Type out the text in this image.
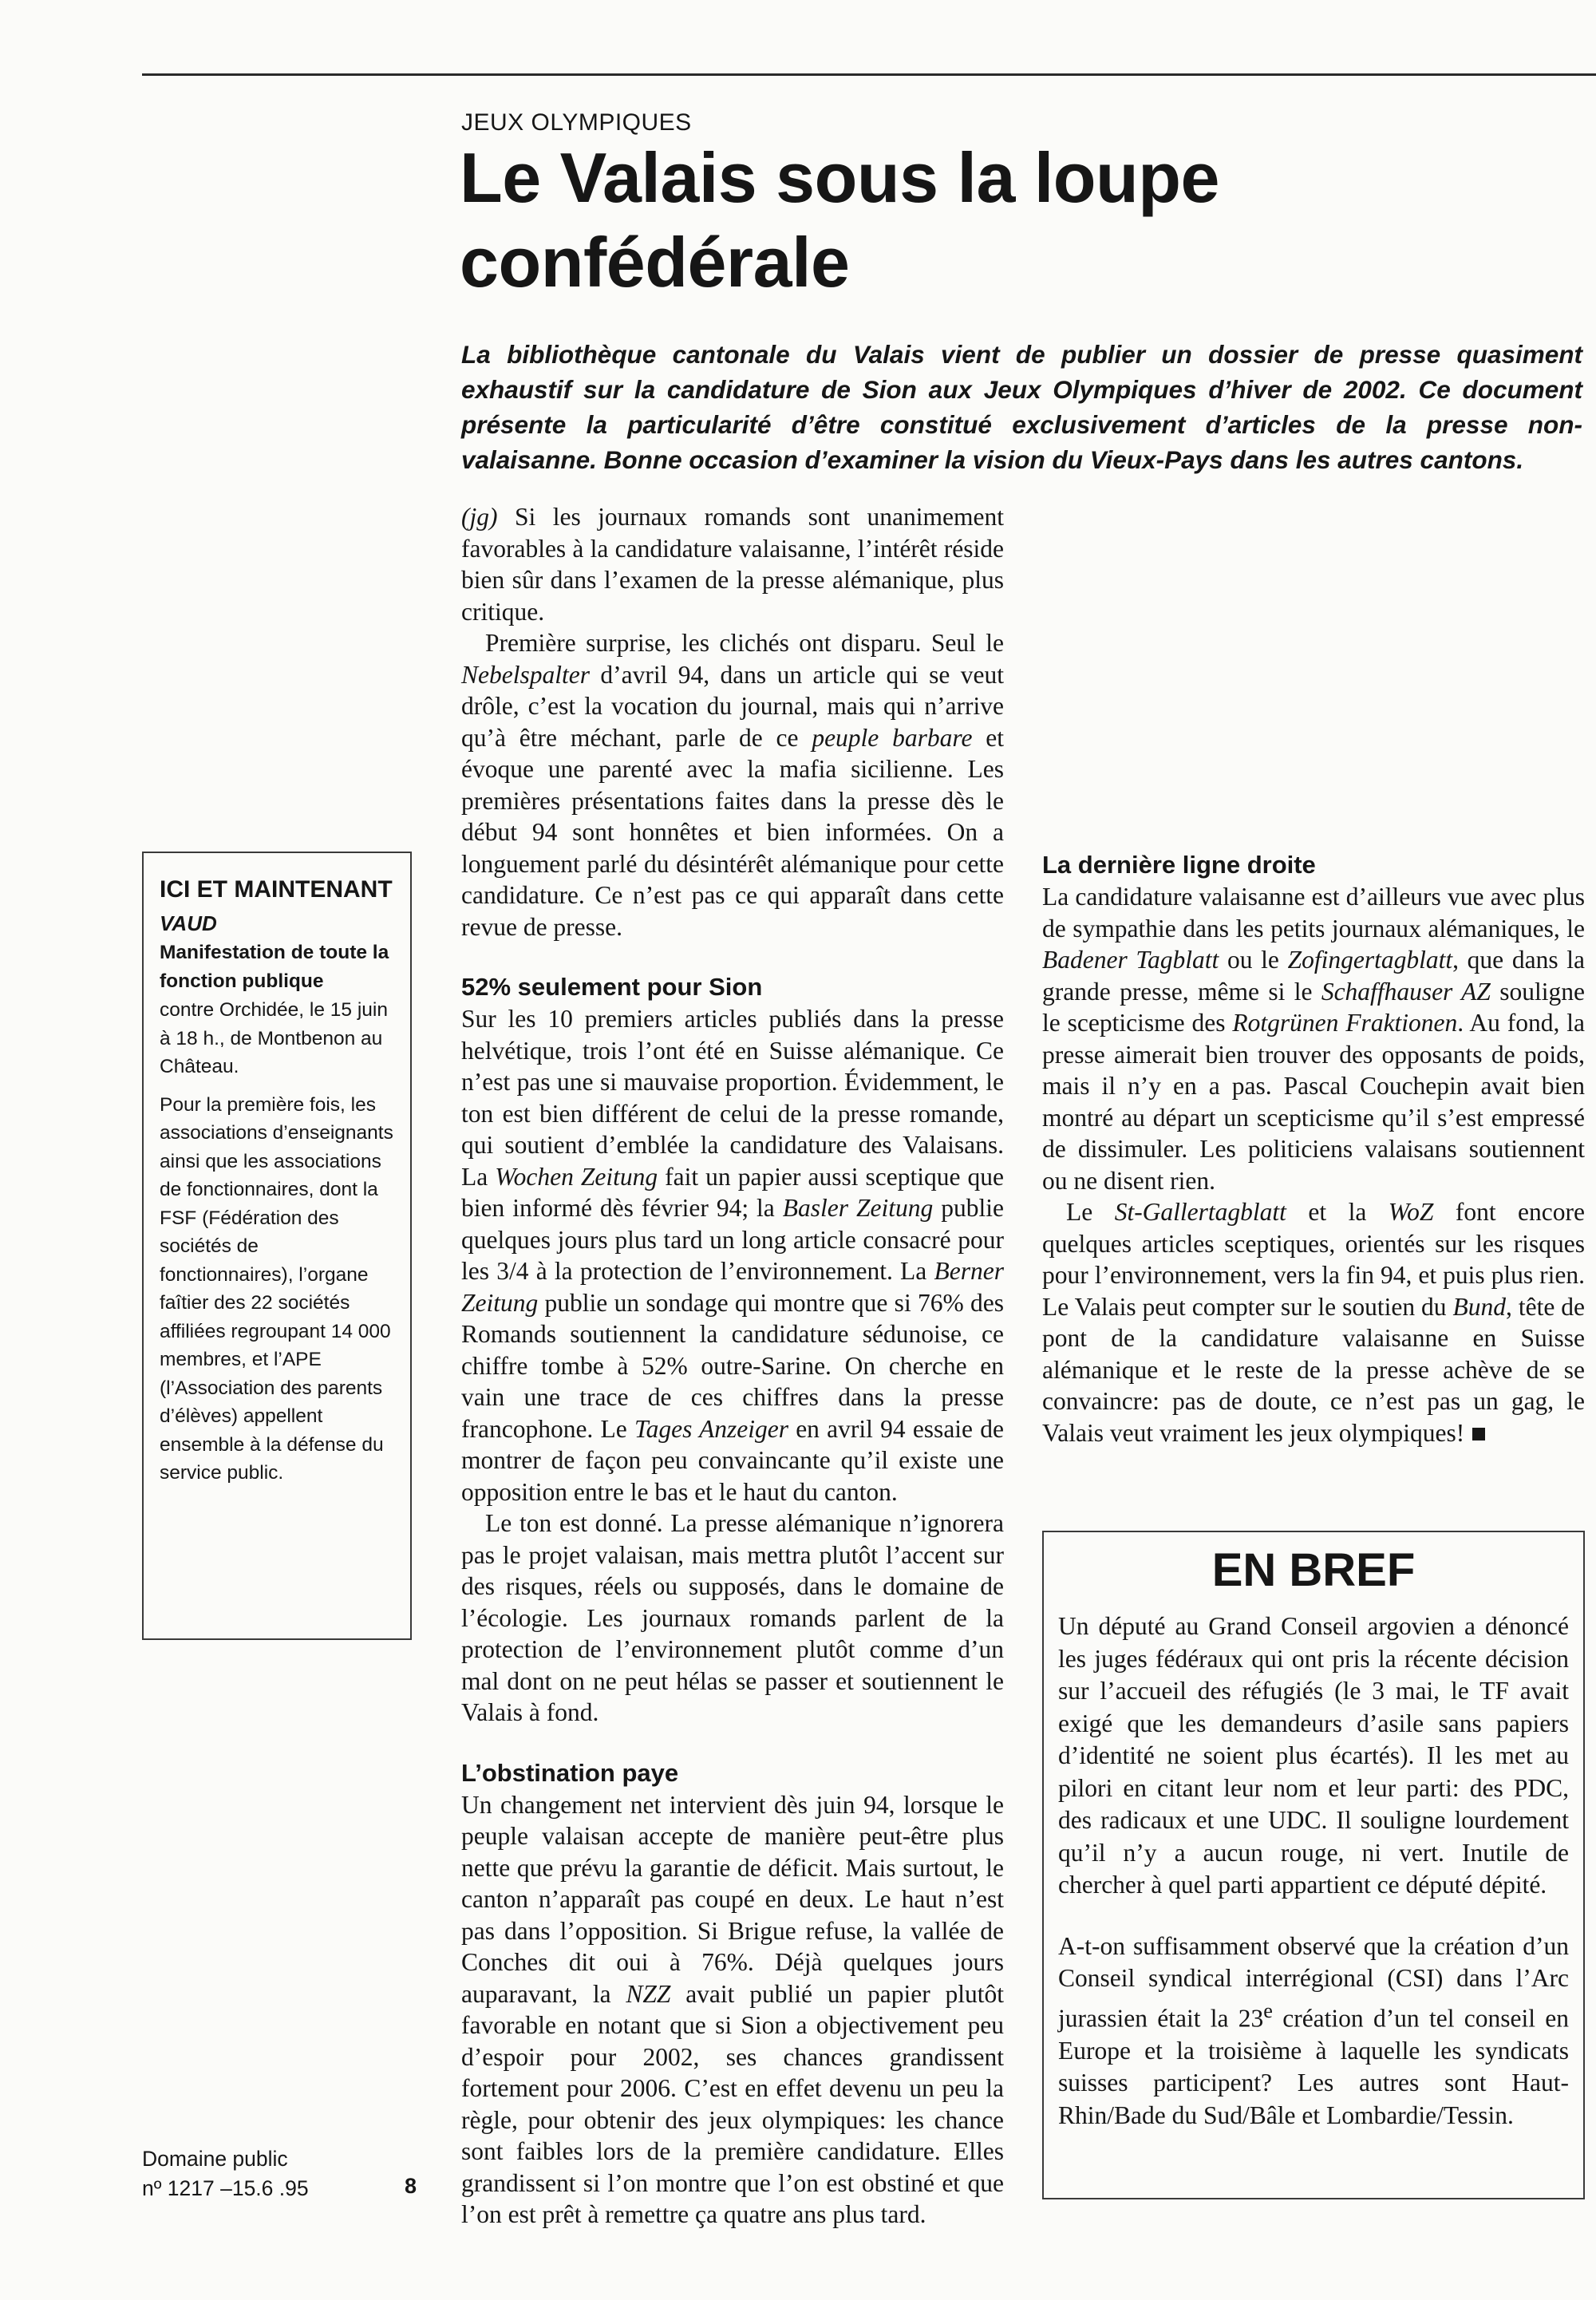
JEUX OLYMPIQUES
Le Valais sous la loupe confédérale

La bibliothèque cantonale du Valais vient de publier un dossier de presse quasiment exhaustif sur la candidature de Sion aux Jeux Olympiques d’hiver de 2002. Ce document présente la particularité d’être constitué exclusivement d’articles de la presse non-valaisanne. Bonne occasion d’examiner la vision du Vieux-Pays dans les autres cantons.

(jg) Si les journaux romands sont unanimement favorables à la candidature valaisanne, l’intérêt réside bien sûr dans l’examen de la presse alémanique, plus critique.

Première surprise, les clichés ont disparu. Seul le Nebelspalter d’avril 94, dans un article qui se veut drôle, c’est la vocation du journal, mais qui n’arrive qu’à être méchant, parle de ce peuple barbare et évoque une parenté avec la mafia sicilienne. Les premières présentations faites dans la presse dès le début 94 sont honnêtes et bien informées. On a longuement parlé du désintérêt alémanique pour cette candidature. Ce n’est pas ce qui apparaît dans cette revue de presse.

52% seulement pour Sion

Sur les 10 premiers articles publiés dans la presse helvétique, trois l’ont été en Suisse alémanique. Ce n’est pas une si mauvaise proportion. Évidemment, le ton est bien différent de celui de la presse romande, qui soutient d’emblée la candidature des Valaisans. La Wochen Zeitung fait un papier aussi sceptique que bien informé dès février 94; la Basler Zeitung publie quelques jours plus tard un long article consacré pour les 3/4 à la protection de l’environnement. La Berner Zeitung publie un sondage qui montre que si 76% des Romands soutiennent la candidature sédunoise, ce chiffre tombe à 52% outre-Sarine. On cherche en vain une trace de ces chiffres dans la presse francophone. Le Tages Anzeiger en avril 94 essaie de montrer de façon peu convaincante qu’il existe une opposition entre le bas et le haut du canton.

Le ton est donné. La presse alémanique n’ignorera pas le projet valaisan, mais mettra plutôt l’accent sur des risques, réels ou supposés, dans le domaine de l’écologie. Les journaux romands parlent de la protection de l’environnement plutôt comme d’un mal dont on ne peut hélas se passer et soutiennent le Valais à fond.

L’obstination paye

Un changement net intervient dès juin 94, lorsque le peuple valaisan accepte de manière peut-être plus nette que prévu la garantie de déficit. Mais surtout, le canton n’apparaît pas coupé en deux. Le haut n’est pas dans l’opposition. Si Brigue refuse, la vallée de Conches dit oui à 76%. Déjà quelques jours auparavant, la NZZ avait publié un papier plutôt favorable en notant que si Sion a objectivement peu d’espoir pour 2002, ses chances grandissent fortement pour 2006. C’est en effet devenu un peu la règle, pour obtenir des jeux olympiques: les chance sont faibles lors de la première candidature. Elles grandissent si l’on montre que l’on est obstiné et que l’on est prêt à remettre ça quatre ans plus tard.

La dernière ligne droite

La candidature valaisanne est d’ailleurs vue avec plus de sympathie dans les petits journaux alémaniques, le Badener Tagblatt ou le Zofingertagblatt, que dans la grande presse, même si le Schaffhauser AZ souligne le scepticisme des Rotgrünen Fraktionen. Au fond, la presse aimerait bien trouver des opposants de poids, mais il n’y en a pas. Pascal Couchepin avait bien montré au départ un scepticisme qu’il s’est empressé de dissimuler. Les politiciens valaisans soutiennent ou ne disent rien.

Le St-Gallertagblatt et la WoZ font encore quelques articles sceptiques, orientés sur les risques pour l’environnement, vers la fin 94, et puis plus rien. Le Valais peut compter sur le soutien du Bund, tête de pont de la candidature valaisanne en Suisse alémanique et le reste de la presse achève de se convaincre: pas de doute, ce n’est pas un gag, le Valais veut vraiment les jeux olympiques!

ICI ET MAINTENANT
VAUD
Manifestation de toute la fonction publique

contre Orchidée, le 15 juin à 18 h., de Montbenon au Château.

Pour la première fois, les associations d’enseignants ainsi que les associations de fonctionnaires, dont la FSF (Fédération des sociétés de fonctionnaires), l’organe faîtier des 22 sociétés affiliées regroupant 14 000 membres, et l’APE (l’Association des parents d’élèves) appellent ensemble à la défense du service public.

EN BREF

Un député au Grand Conseil argovien a dénoncé les juges fédéraux qui ont pris la récente décision sur l’accueil des réfugiés (le 3 mai, le TF avait exigé que les demandeurs d’asile sans papiers d’identité ne soient plus écartés). Il les met au pilori en citant leur nom et leur parti: des PDC, des radicaux et une UDC. Il souligne lourdement qu’il n’y a aucun rouge, ni vert. Inutile de chercher à quel parti appartient ce député dépité.

A-t-on suffisamment observé que la création d’un Conseil syndical interrégional (CSI) dans l’Arc jurassien était la 23e création d’un tel conseil en Europe et la troisième à laquelle les syndicats suisses participent? Les autres sont Haut-Rhin/Bade du Sud/Bâle et Lombardie/Tessin.

Domaine public
nº 1217 –15.6 .95	8
